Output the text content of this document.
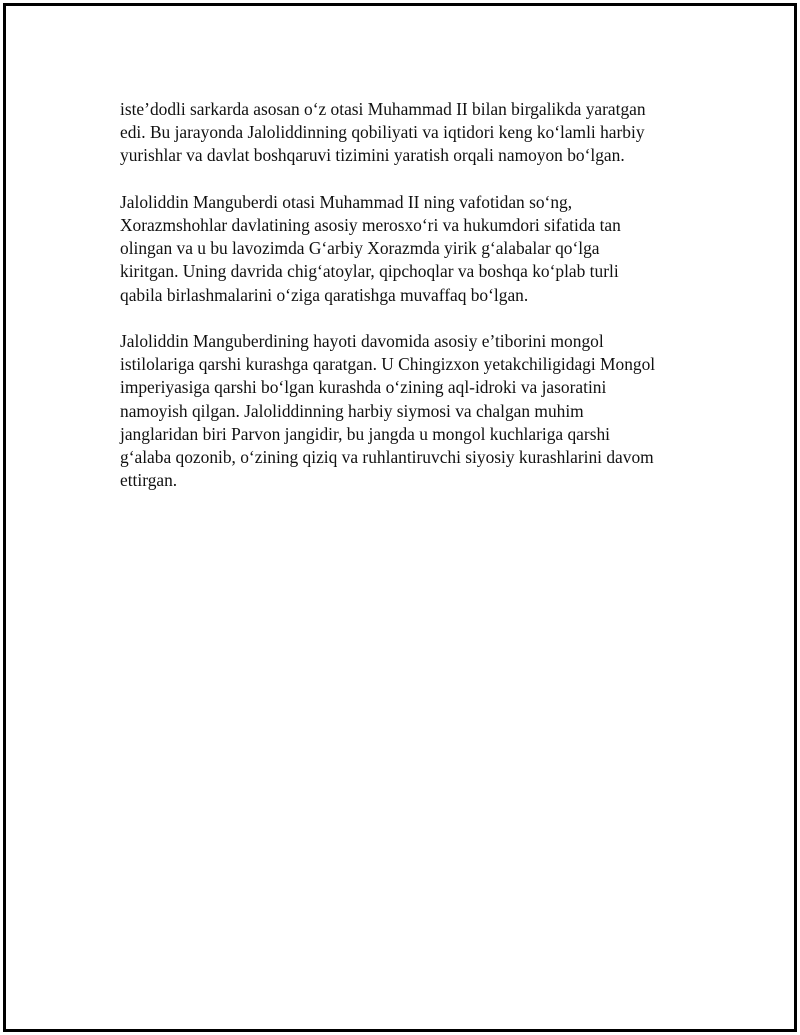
iste’dodli sarkarda asosan o‘z otasi Muhammad II bilan birgalikda yaratgan
edi. Bu jarayonda Jaloliddinning qobiliyati va iqtidori keng ko‘lamli harbiy
yurishlar va davlat boshqaruvi tizimini yaratish orqali namoyon bo‘lgan.

Jaloliddin Manguberdi otasi Muhammad II ning vafotidan so‘ng,
Xorazmshohlar davlatining asosiy merosxo‘ri va hukumdori sifatida tan
olingan va u bu lavozimda G‘arbiy Xorazmda yirik g‘alabalar qo‘lga
kiritgan. Uning davrida chig‘atoylar, qipchoqlar va boshqa ko‘plab turli
qabila birlashmalarini o‘ziga qaratishga muvaffaq bo‘lgan.

Jaloliddin Manguberdining hayoti davomida asosiy e’tiborini mongol
istilolariga qarshi kurashga qaratgan. U Chingizxon yetakchiligidagi Mongol
imperiyasiga qarshi bo‘lgan kurashda o‘zining aql-idroki va jasoratini
namoyish qilgan. Jaloliddinning harbiy siymosi va chalgan muhim
janglaridan biri Parvon jangidir, bu jangda u mongol kuchlariga qarshi
g‘alaba qozonib, o‘zining qiziq va ruhlantiruvchi siyosiy kurashlarini davom
ettirgan.
